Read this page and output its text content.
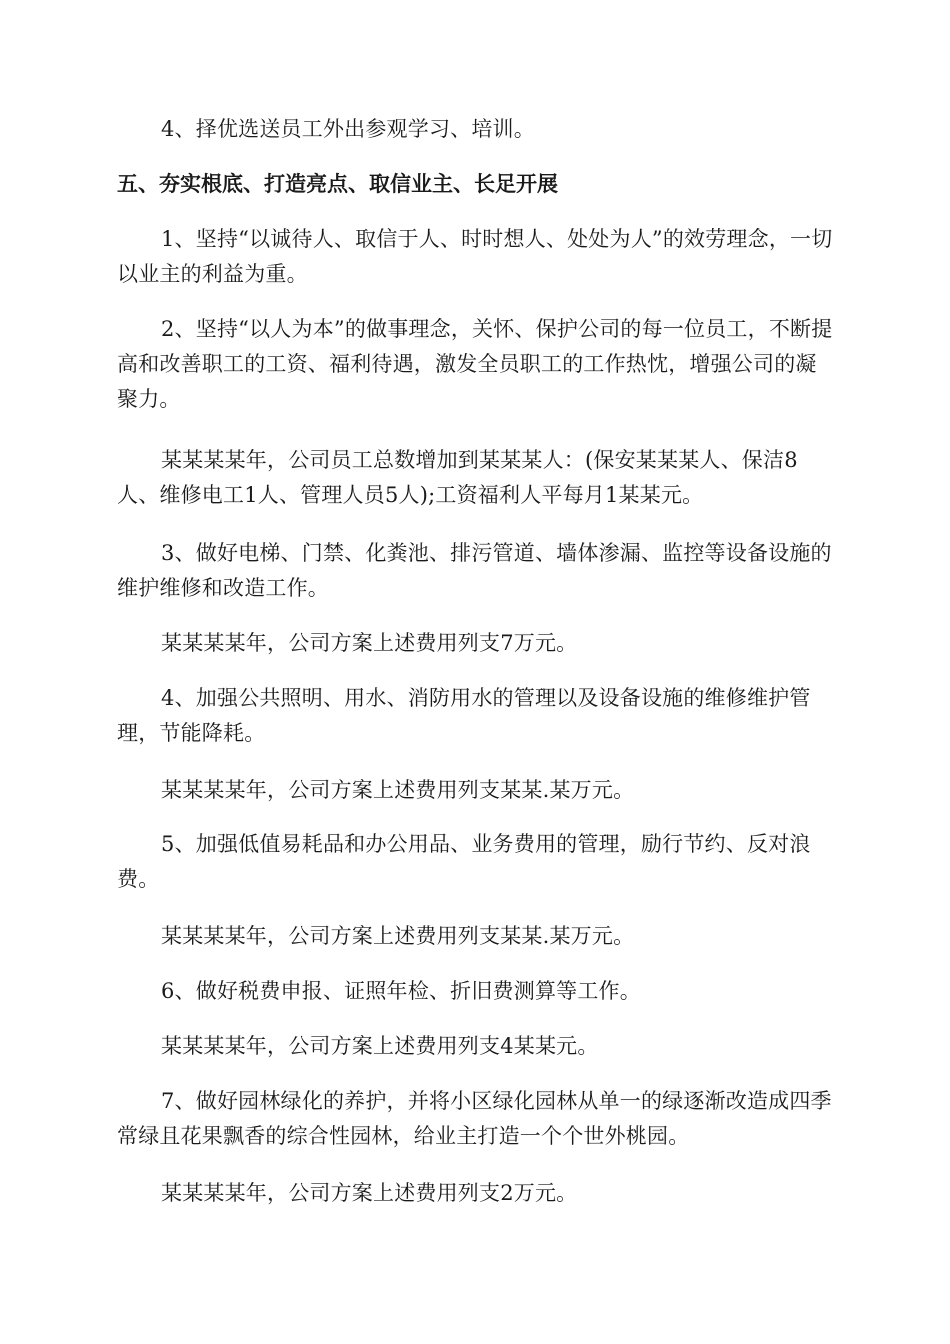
4、择优选送员工外出参观学习、培训。

五、夯实根底、打造亮点、取信业主、长足开展

1、坚持“以诚待人、取信于人、时时想人、处处为人”的效劳理念，一切以业主的利益为重。

2、坚持“以人为本”的做事理念，关怀、保护公司的每一位员工，不断提高和改善职工的工资、福利待遇，激发全员职工的工作热忱，增强公司的凝聚力。

某某某某年，公司员工总数增加到某某某人：(保安某某某人、保洁8人、维修电工1人、管理人员5人);工资福利人平每月1某某元。

3、做好电梯、门禁、化粪池、排污管道、墙体渗漏、监控等设备设施的维护维修和改造工作。

某某某某年，公司方案上述费用列支7万元。

4、加强公共照明、用水、消防用水的管理以及设备设施的维修维护管理，节能降耗。

某某某某年，公司方案上述费用列支某某.某万元。

5、加强低值易耗品和办公用品、业务费用的管理，励行节约、反对浪费。

某某某某年，公司方案上述费用列支某某.某万元。

6、做好税费申报、证照年检、折旧费测算等工作。

某某某某年，公司方案上述费用列支4某某元。

7、做好园林绿化的养护，并将小区绿化园林从单一的绿逐渐改造成四季常绿且花果飘香的综合性园林，给业主打造一个个世外桃园。

某某某某年，公司方案上述费用列支2万元。
